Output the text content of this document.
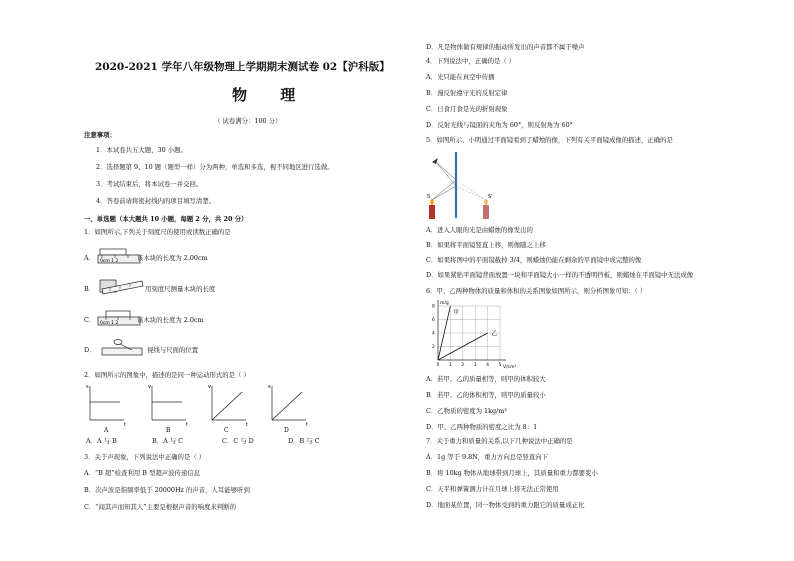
2020-2021 学年八年级物理上学期期末测试卷 02【沪科版】
物 理
（ 试卷满分：100 分）
注意事项：
1．本试卷共五大题，30 小题。
2．选择题第 9、10 题（题型一样）分为两种，单选和多选，视不同地区进行选做。
3．考试结束后，将本试卷一并交回。
4．答卷前请将密封线内的项目填写清楚。
一、单选题（本大题共 10 小题，每题 2 分，共 20 分）
1．如图所示,下列关于刻度尺的使用或读数正确的是
A． 0cm 1 2	该木块的长度为 2.00cm
B．	用刻度尺测量木块的长度
C． 0cm 1 2	该木块的长度为 2.0cm
D．	视线与尺面的位置
2．如图所示的图象中，描述的是同一种运动形式的是（ ）
s
t
A
v
t
B
v
t
C
s
t
D
A．A 与 B	B．A 与 C	C．C 与 D	D．B 与 C
3．关于声现象，下列说法中正确的是（ ）
A．“B 超”检查利用 B 型超声波传递信息
B．次声波是指频率低于 20000Hz 的声音，人耳能够听到
C．“闻其声而知其人”主要是根据声音的响度来判断的
D．凡是物体做有规律的振动所发出的声音都不属于噪声
4．下列说法中，正确的是（ ）
A．光只能在真空中传播
B．漫反射遵守光的反射定律
C．日食月食是光的折射现象
D．反射光线与镜面的夹角为 60°，则反射角为 60°
5．如图所示，小明通过平面镜看到了蜡烛的像，下列有关平面镜成像的描述，正确的是
S	S'
A．进入人眼的光是由蜡烛的像发出的
B．如果将平面镜竖直上移，则像随之上移
C．如果将图中的平面镜截掉 3/4，则蜡烛仍能在剩余的平面镜中成完整的像
D．如果紧贴平面镜背面放置一块和平面镜大小一样的不透明挡板，则蜡烛在平面镜中无法成像
6．甲、乙两种物体的质量和体积的关系图象如图所示，则分析图象可知：（ ）
0 1 2 3 4 5
2
4
6
8
V/cm³
m/g
甲
乙
A．若甲、乙的质量相等，则甲的体积较大
B．若甲、乙的体积相等，则甲的质量较小
C．乙物质的密度为 1kg/m³
D．甲、乙两种物质的密度之比为 8：1
7．关于重力和质量的关系,以下几种说法中正确的是
A．1g 等于 9.8N，重力方向总是竖直向下
B．将 10kg 物体从地球带到月球上，其质量和重力都要变小
C．天平和弹簧测力计在月球上将无法正常使用
D．地面某位置，同一物体受到的重力跟它的质量成正比
